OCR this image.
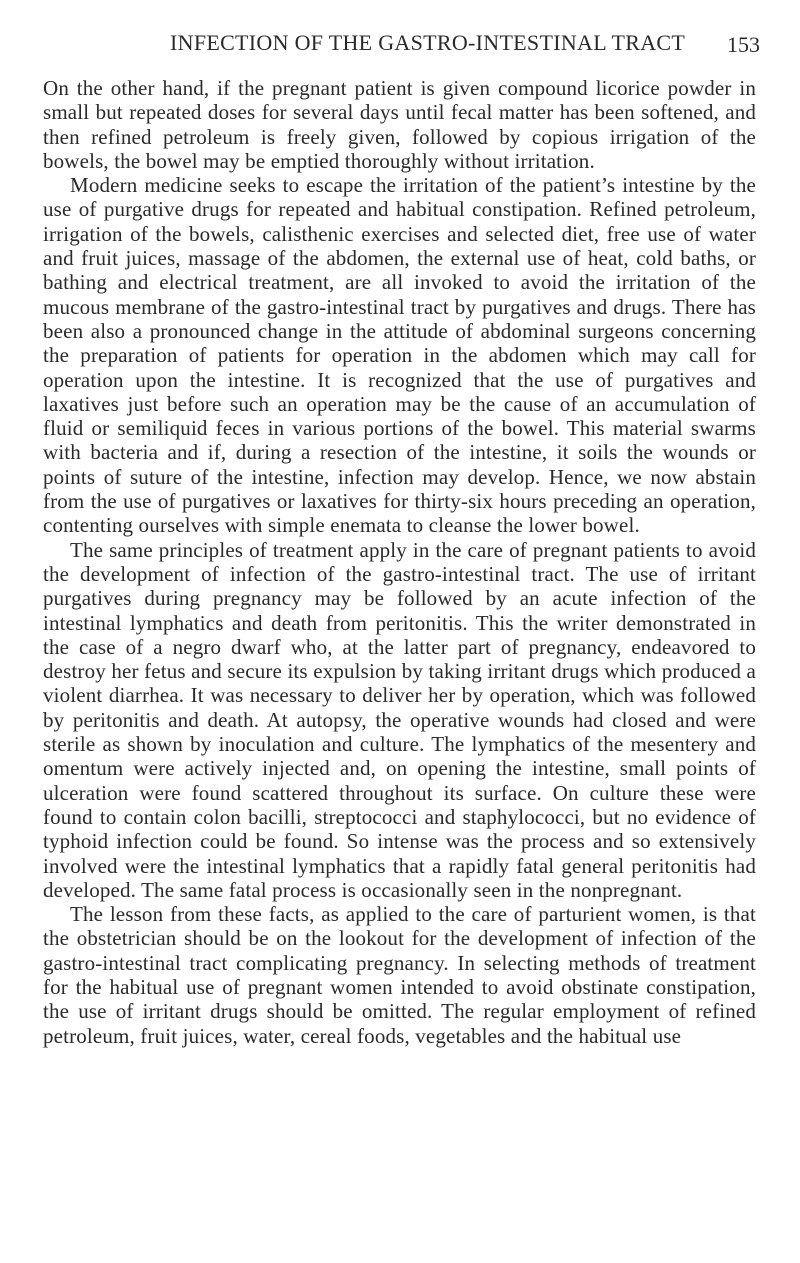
INFECTION OF THE GASTRO-INTESTINAL TRACT 153

On the other hand, if the pregnant patient is given compound licorice powder in small but repeated doses for several days until fecal matter has been softened, and then refined petroleum is freely given, followed by copious irrigation of the bowels, the bowel may be emptied thoroughly without irritation.

Modern medicine seeks to escape the irritation of the patient’s intestine by the use of purgative drugs for repeated and habitual constipation. Refined petroleum, irrigation of the bowels, calisthenic exercises and selected diet, free use of water and fruit juices, massage of the abdomen, the external use of heat, cold baths, or bathing and electrical treatment, are all invoked to avoid the irritation of the mucous membrane of the gastro-intestinal tract by purgatives and drugs. There has been also a pronounced change in the attitude of abdominal surgeons concerning the preparation of patients for operation in the abdomen which may call for operation upon the intestine. It is recognized that the use of purgatives and laxatives just before such an operation may be the cause of an accumulation of fluid or semiliquid feces in various portions of the bowel. This material swarms with bacteria and if, during a resection of the intestine, it soils the wounds or points of suture of the intestine, infection may develop. Hence, we now abstain from the use of purgatives or laxatives for thirty-six hours preceding an operation, contenting ourselves with simple enemata to cleanse the lower bowel.

The same principles of treatment apply in the care of pregnant patients to avoid the development of infection of the gastro-intestinal tract. The use of irritant purgatives during pregnancy may be followed by an acute infection of the intestinal lymphatics and death from peritonitis. This the writer demonstrated in the case of a negro dwarf who, at the latter part of pregnancy, endeavored to destroy her fetus and secure its expulsion by taking irritant drugs which produced a violent diarrhea. It was necessary to deliver her by operation, which was followed by peritonitis and death. At autopsy, the operative wounds had closed and were sterile as shown by inoculation and culture. The lymphatics of the mesentery and omentum were actively injected and, on opening the intestine, small points of ulceration were found scattered throughout its surface. On culture these were found to contain colon bacilli, streptococci and staphylococci, but no evidence of typhoid infection could be found. So intense was the process and so extensively involved were the intestinal lymphatics that a rapidly fatal general peritonitis had developed. The same fatal process is occasionally seen in the nonpregnant.

The lesson from these facts, as applied to the care of parturient women, is that the obstetrician should be on the lookout for the development of infection of the gastro-intestinal tract complicating pregnancy. In selecting methods of treatment for the habitual use of pregnant women intended to avoid obstinate constipation, the use of irritant drugs should be omitted. The regular employment of refined petroleum, fruit juices, water, cereal foods, vegetables and the habitual use
